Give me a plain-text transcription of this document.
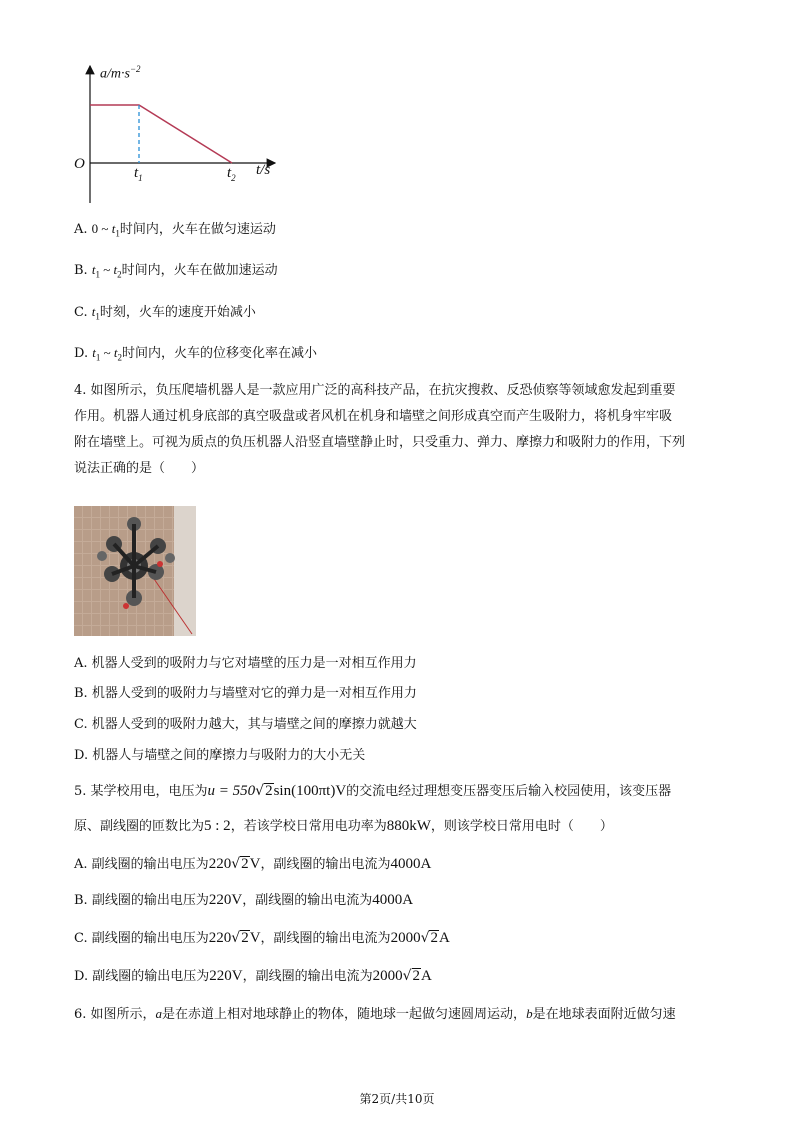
$a/m\cdot s^{-2}$
O
$t_1$	$t_2$ t/s
A. 0 ~ $t_1$时间内，火车在做匀速运动
B. $t_1$ ~ $t_2$时间内，火车在做加速运动
C. $t_1$时刻，火车的速度开始减小
D. $t_1$ ~ $t_2$时间内，火车的位移变化率在减小
4. 如图所示，负压爬墙机器人是一款应用广泛的高科技产品，在抗灾搜救、反恐侦察等领域愈发起到重要
作用。机器人通过机身底部的真空吸盘或者风机在机身和墙壁之间形成真空而产生吸附力，将机身牢牢吸
附在墙壁上。可视为质点的负压机器人沿竖直墙壁静止时，只受重力、弹力、摩擦力和吸附力的作用，下列
说法正确的是（　　）
A. 机器人受到的吸附力与它对墙壁的压力是一对相互作用力
B. 机器人受到的吸附力与墙壁对它的弹力是一对相互作用力
C. 机器人受到的吸附力越大，其与墙壁之间的摩擦力就越大
D. 机器人与墙壁之间的摩擦力与吸附力的大小无关
5. 某学校用电，电压为u = 550√2sin(100πt)V的交流电经过理想变压器变压后输入校园使用，该变压器
原、副线圈的匝数比为5 : 2，若该学校日常用电功率为880kW，则该学校日常用电时（　　）
A. 副线圈的输出电压为220√2V，副线圈的输出电流为4000A
B. 副线圈的输出电压为220V，副线圈的输出电流为4000A
C. 副线圈的输出电压为220√2V，副线圈的输出电流为2000√2A
D. 副线圈的输出电压为220V，副线圈的输出电流为2000√2A
6. 如图所示，a是在赤道上相对地球静止的物体，随地球一起做匀速圆周运动，b是在地球表面附近做匀速
第2页/共10页
